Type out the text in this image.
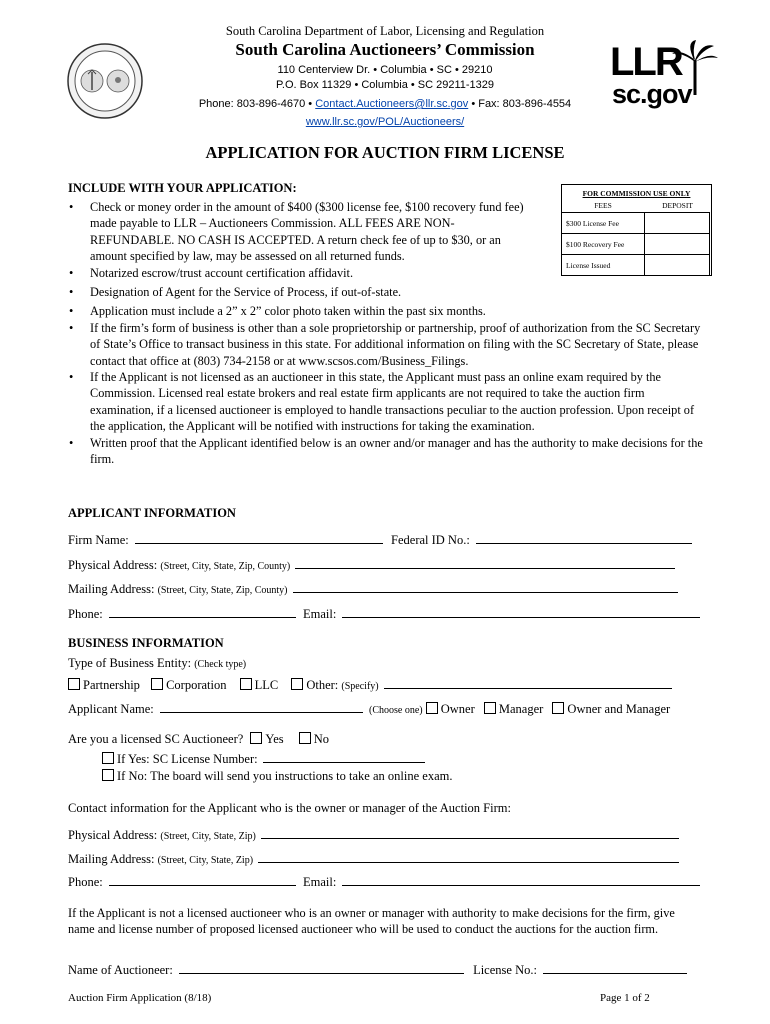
South Carolina Department of Labor, Licensing and Regulation
South Carolina Auctioneers’ Commission
110 Centerview Dr. • Columbia • SC • 29210
P.O. Box 11329 • Columbia • SC 29211-1329
Phone: 803-896-4670 • Contact.Auctioneers@llr.sc.gov • Fax: 803-896-4554
www.llr.sc.gov/POL/Auctioneers/
LLR
sc.gov
APPLICATION FOR AUCTION FIRM LICENSE
INCLUDE WITH YOUR APPLICATION:
• Check or money order in the amount of $400 ($300 license fee, $100 recovery fund fee) made payable to LLR – Auctioneers Commission. ALL FEES ARE NON-REFUNDABLE. NO CASH IS ACCEPTED. A return check fee of up to $30, or an amount specified by law, may be assessed on all returned funds.
• Notarized escrow/trust account certification affidavit.
• Designation of Agent for the Service of Process, if out-of-state.
• Application must include a 2” x 2” color photo taken within the past six months.
• If the firm’s form of business is other than a sole proprietorship or partnership, proof of authorization from the SC Secretary of State’s Office to transact business in this state. For additional information on filing with the SC Secretary of State, please contact that office at (803) 734-2158 or at www.scsos.com/Business_Filings.
• If the Applicant is not licensed as an auctioneer in this state, the Applicant must pass an online exam required by the Commission. Licensed real estate brokers and real estate firm applicants are not required to take the auction firm examination, if a licensed auctioneer is employed to handle transactions peculiar to the auction profession. Upon receipt of the application, the Applicant will be notified with instructions for taking the examination.
• Written proof that the Applicant identified below is an owner and/or manager and has the authority to make decisions for the firm.
FOR COMMISSION USE ONLY
FEES	DEPOSIT
$300 License Fee	
$100 Recovery Fee	
License Issued	
APPLICANT INFORMATION
Firm Name:	Federal ID No.:
Physical Address: (Street, City, State, Zip, County)
Mailing Address: (Street, City, State, Zip, County)
Phone:	Email:
BUSINESS INFORMATION
Type of Business Entity: (Check type)
Partnership Corporation LLC Other: (Specify)
Applicant Name:	(Choose one) Owner Manager Owner and Manager
Are you a licensed SC Auctioneer? Yes No
If Yes: SC License Number:
If No: The board will send you instructions to take an online exam.
Contact information for the Applicant who is the owner or manager of the Auction Firm:
Physical Address: (Street, City, State, Zip)
Mailing Address: (Street, City, State, Zip)
Phone:	Email:
If the Applicant is not a licensed auctioneer who is an owner or manager with authority to make decisions for the firm, give name and license number of proposed licensed auctioneer who will be used to conduct the auctions for the auction firm.
Name of Auctioneer:	License No.:
Auction Firm Application (8/18)	Page 1 of 2
